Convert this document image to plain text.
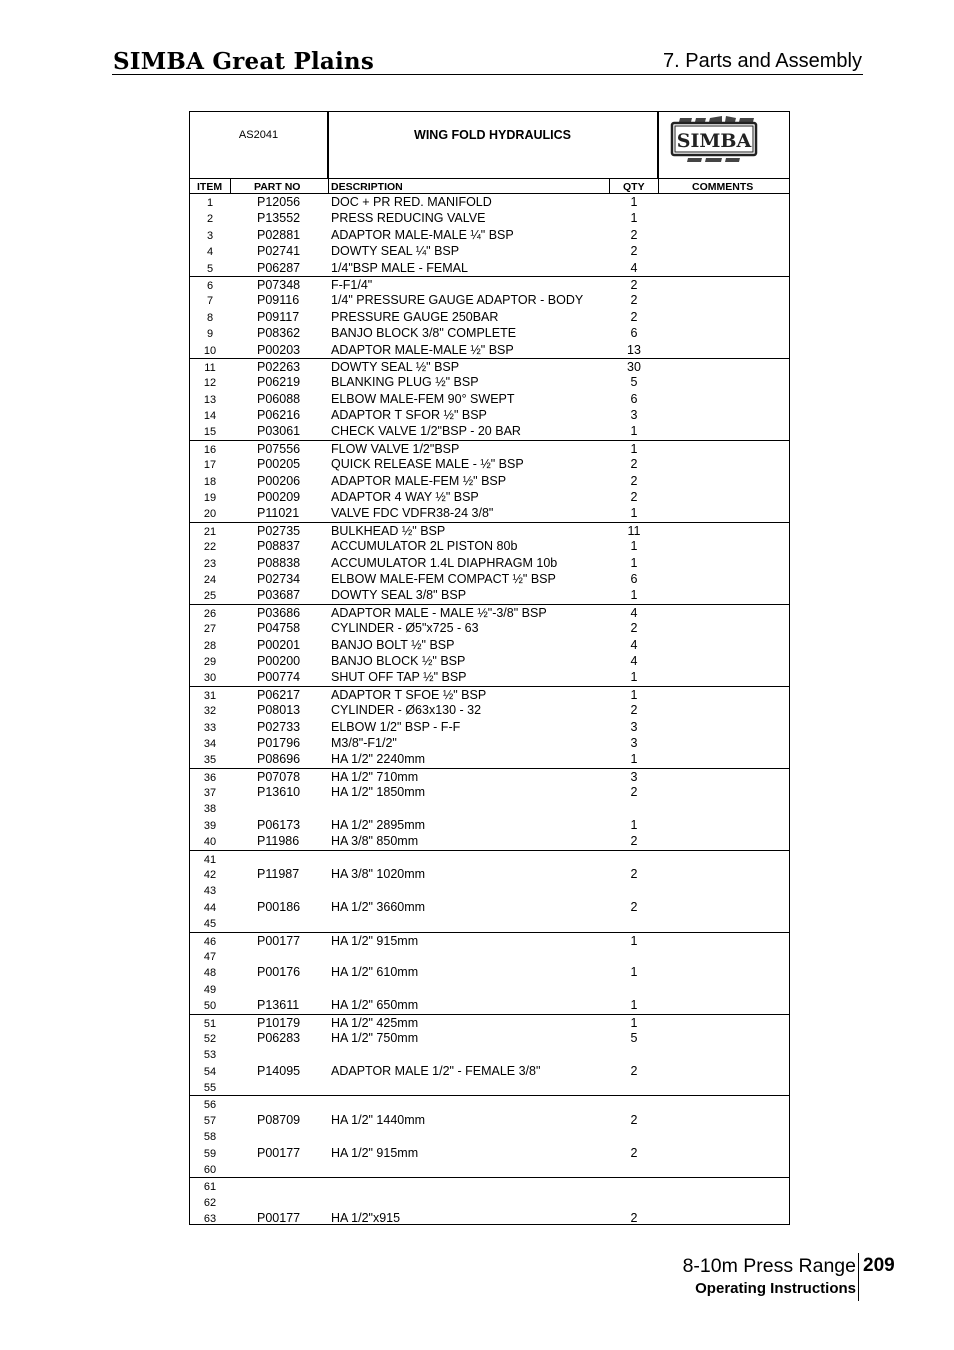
SIMBA Great Plains	7. Parts and Assembly
AS2041	WING FOLD HYDRAULICS	SIMBA
ITEM	PART NO	DESCRIPTION	QTY	COMMENTS
1	P12056 DOC + PR RED. MANIFOLD	1
2	P13552 PRESS REDUCING VALVE	1
3	P02881 ADAPTOR MALE-MALE ¼" BSP	2
4	P02741 DOWTY SEAL ¼" BSP	2
5	P06287 1/4"BSP MALE - FEMAL	4
6	P07348 F-F1/4"	2
7	P09116	1/4" PRESSURE GAUGE ADAPTOR - BODY	2
8	P09117	PRESSURE GAUGE 250BAR	2
9	P08362 BANJO BLOCK 3/8" COMPLETE	6
10	P00203 ADAPTOR MALE-MALE ½" BSP	13
11	P02263 DOWTY SEAL ½" BSP	30
12	P06219 BLANKING PLUG ½" BSP	5
13	P06088 ELBOW MALE-FEM 90° SWEPT	6
14	P06216 ADAPTOR T SFOR ½" BSP	3
15	P03061 CHECK VALVE 1/2"BSP - 20 BAR	1
16	P07556 FLOW VALVE 1/2"BSP	1
17	P00205 QUICK RELEASE MALE - ½" BSP	2
18	P00206 ADAPTOR MALE-FEM ½" BSP	2
19	P00209 ADAPTOR 4 WAY ½" BSP	2
20	P11021	VALVE FDC VDFR38-24 3/8"	1
21	P02735 BULKHEAD ½" BSP	11
22	P08837 ACCUMULATOR 2L PISTON 80b	1
23	P08838 ACCUMULATOR 1.4L DIAPHRAGM 10b	1
24	P02734 ELBOW MALE-FEM COMPACT ½" BSP	6
25	P03687 DOWTY SEAL 3/8" BSP	1
26	P03686 ADAPTOR MALE - MALE ½"-3/8" BSP	4
27	P04758 CYLINDER - Ø5"x725 - 63	2
28	P00201 BANJO BOLT ½" BSP	4
29	P00200 BANJO BLOCK ½" BSP	4
30	P00774 SHUT OFF TAP ½" BSP	1
31	P06217 ADAPTOR T SFOE ½" BSP	1
32	P08013 CYLINDER - Ø63x130 - 32	2
33	P02733 ELBOW 1/2" BSP - F-F	3
34	P01796 M3/8"-F1/2"	3
35	P08696 HA 1/2" 2240mm	1
36	P07078 HA 1/2" 710mm	3
37	P13610 HA 1/2" 1850mm	2
38
39	P06173 HA 1/2" 2895mm	1
40	P11986	HA 3/8" 850mm	2
41
42	P11987	HA 3/8" 1020mm	2
43
44	P00186 HA 1/2" 3660mm	2
45
46	P00177 HA 1/2" 915mm	1
47
48	P00176 HA 1/2" 610mm	1
49
50	P13611	HA 1/2" 650mm	1
51	P10179 HA 1/2" 425mm	1
52	P06283 HA 1/2" 750mm	5
53
54	P14095 ADAPTOR MALE 1/2" - FEMALE 3/8"	2
55
56
57	P08709 HA 1/2" 1440mm	2
58
59	P00177 HA 1/2" 915mm	2
60
61
62
63	P00177 HA 1/2"x915	2
8-10m Press Range 209
Operating Instructions
